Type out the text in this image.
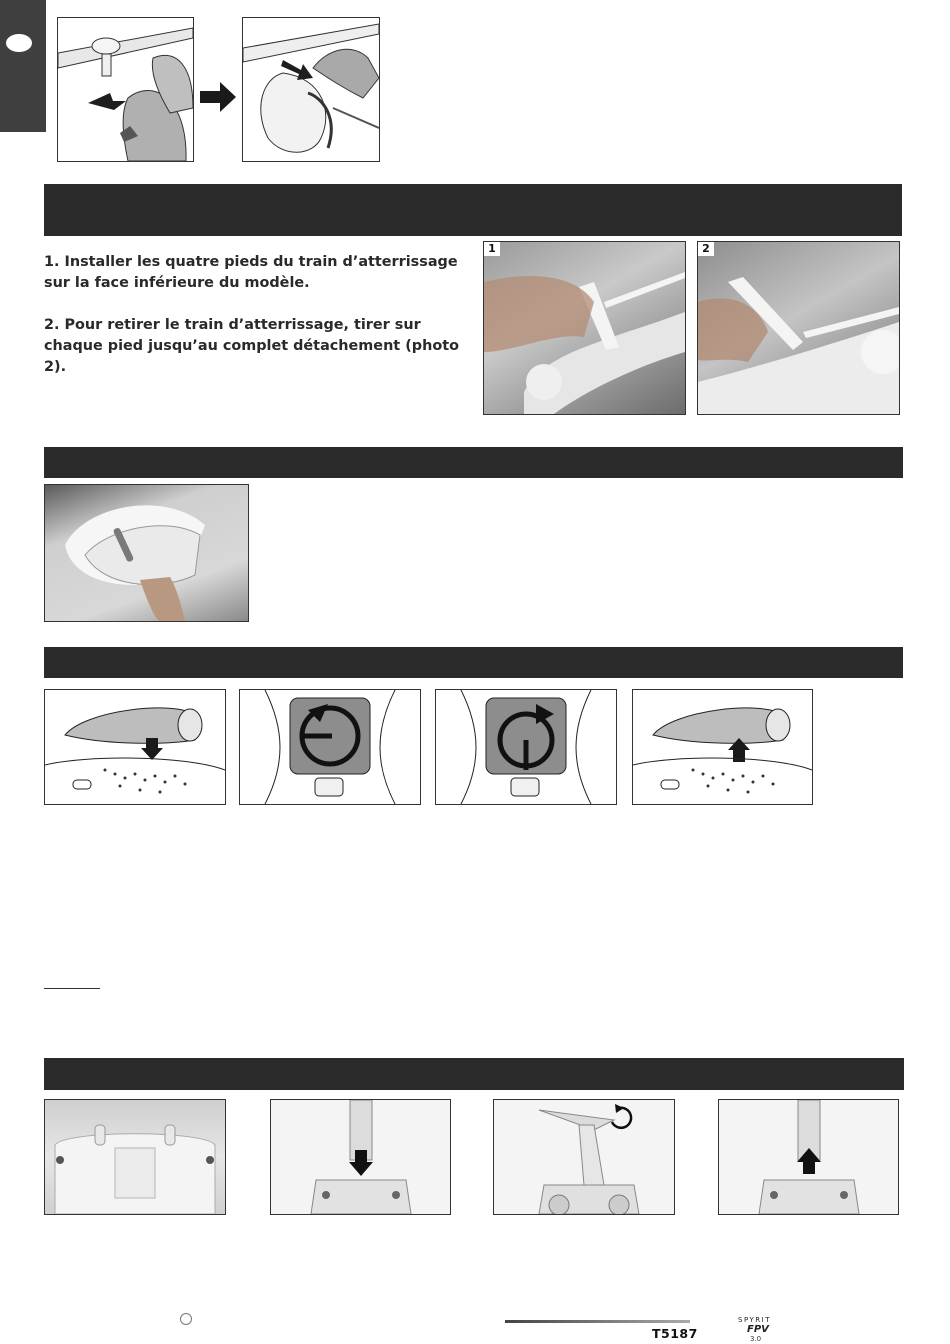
1. Installer les quatre pieds du train d’atterrissage sur la face inférieure du modèle.

2. Pour retirer le train d’atterrissage, tirer sur chaque pied jusqu’au complet détachement (photo 2).

1	2
T5187
SPYRIT
FPV
3.0
